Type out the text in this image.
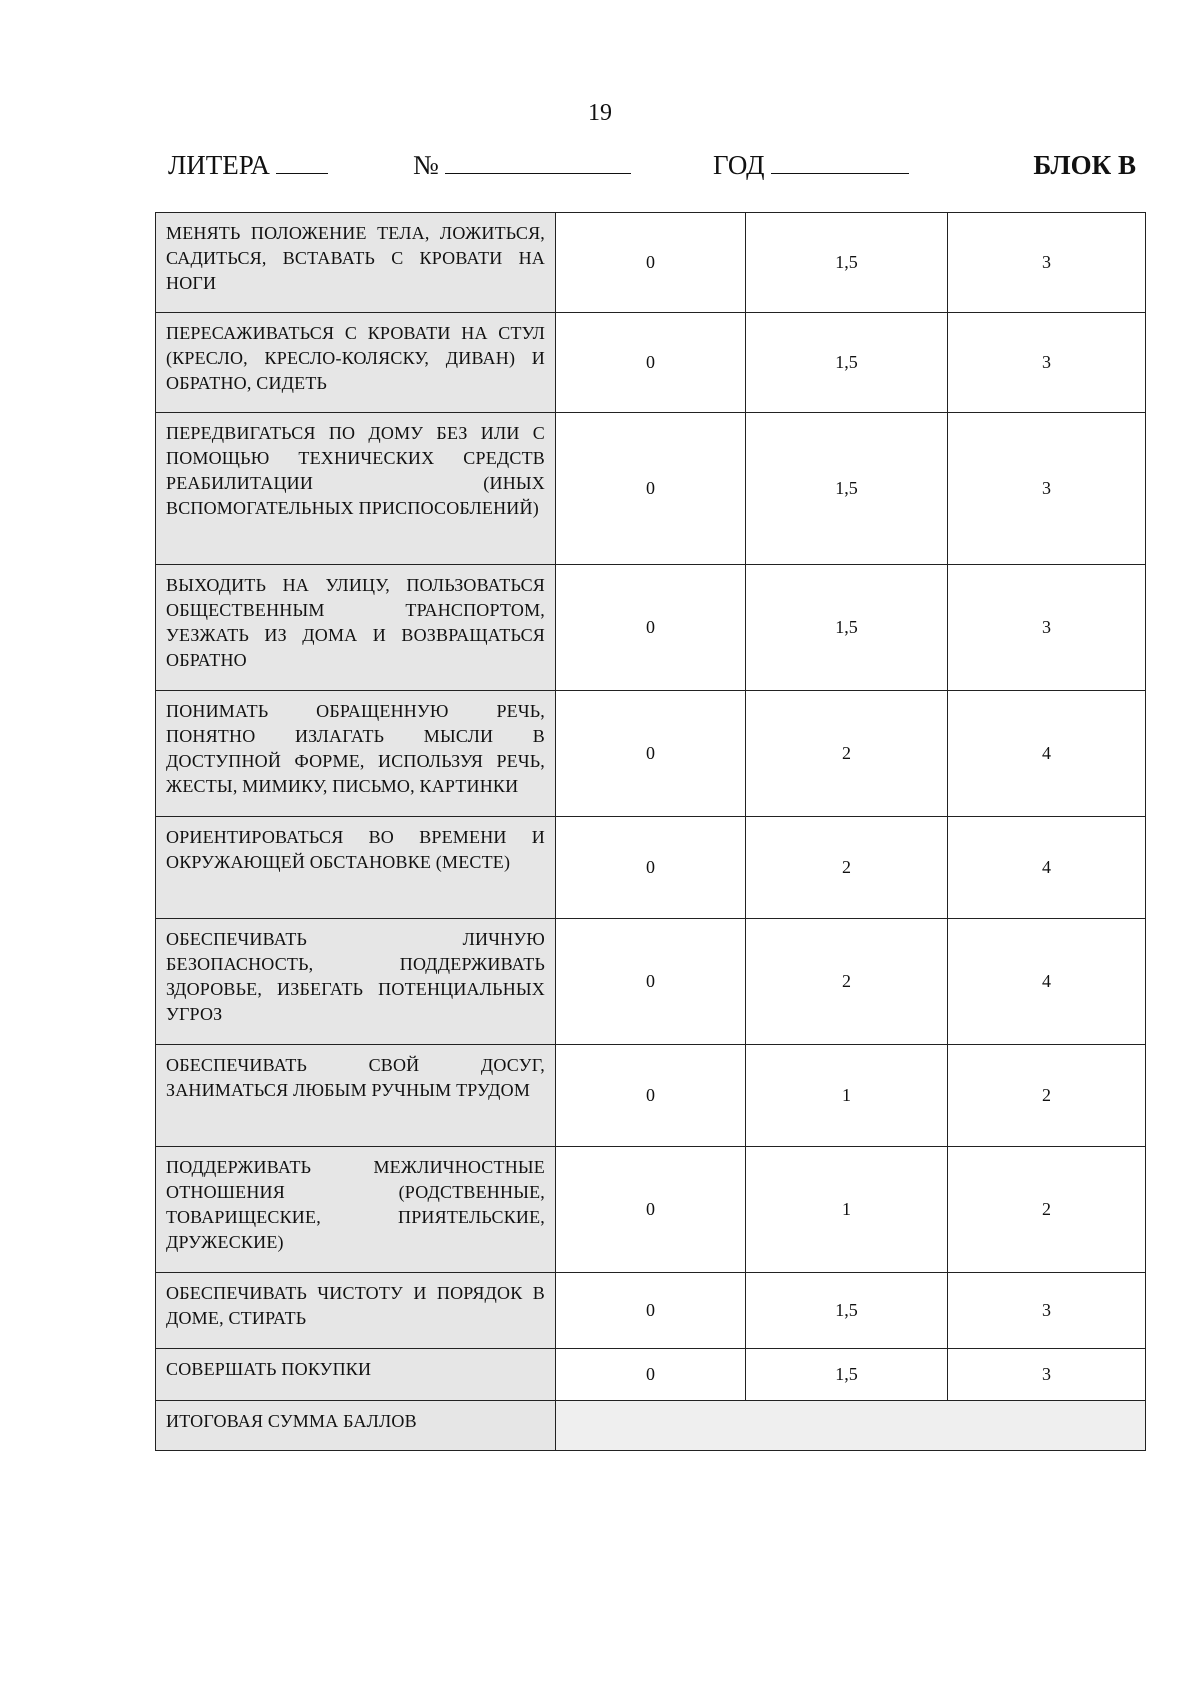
19
ЛИТЕРА	№	ГОД	БЛОК В
МЕНЯТЬ ПОЛОЖЕНИЕ ТЕЛА, ЛОЖИТЬСЯ, САДИТЬСЯ, ВСТАВАТЬ С КРОВАТИ НА НОГИ	0	1,5	3
ПЕРЕСАЖИВАТЬСЯ С КРОВАТИ НА СТУЛ (КРЕСЛО, КРЕСЛО-КОЛЯСКУ, ДИВАН) И ОБРАТНО, СИДЕТЬ	0	1,5	3
ПЕРЕДВИГАТЬСЯ ПО ДОМУ БЕЗ ИЛИ С ПОМОЩЬЮ ТЕХНИЧЕСКИХ СРЕДСТВ РЕАБИЛИТАЦИИ (ИНЫХ ВСПОМОГАТЕЛЬНЫХ ПРИСПОСОБЛЕНИЙ)	0	1,5	3
ВЫХОДИТЬ НА УЛИЦУ, ПОЛЬЗОВАТЬСЯ ОБЩЕСТВЕННЫМ ТРАНСПОРТОМ, УЕЗЖАТЬ ИЗ ДОМА И ВОЗВРАЩАТЬСЯ ОБРАТНО	0	1,5	3
ПОНИМАТЬ ОБРАЩЕННУЮ РЕЧЬ, ПОНЯТНО ИЗЛАГАТЬ МЫСЛИ В ДОСТУПНОЙ ФОРМЕ, ИСПОЛЬЗУЯ РЕЧЬ, ЖЕСТЫ, МИМИКУ, ПИСЬМО, КАРТИНКИ	0	2	4
ОРИЕНТИРОВАТЬСЯ ВО ВРЕМЕНИ И ОКРУЖАЮЩЕЙ ОБСТАНОВКЕ (МЕСТЕ)	0	2	4
ОБЕСПЕЧИВАТЬ ЛИЧНУЮ БЕЗОПАСНОСТЬ, ПОДДЕРЖИВАТЬ ЗДОРОВЬЕ, ИЗБЕГАТЬ ПОТЕНЦИАЛЬНЫХ УГРОЗ	0	2	4
ОБЕСПЕЧИВАТЬ СВОЙ ДОСУГ, ЗАНИМАТЬСЯ ЛЮБЫМ РУЧНЫМ ТРУДОМ	0	1	2
ПОДДЕРЖИВАТЬ МЕЖЛИЧНОСТНЫЕ ОТНОШЕНИЯ (РОДСТВЕННЫЕ, ТОВАРИЩЕСКИЕ, ПРИЯТЕЛЬСКИЕ, ДРУЖЕСКИЕ)	0	1	2
ОБЕСПЕЧИВАТЬ ЧИСТОТУ И ПОРЯДОК В ДОМЕ, СТИРАТЬ	0	1,5	3
СОВЕРШАТЬ ПОКУПКИ	0	1,5	3
ИТОГОВАЯ СУММА БАЛЛОВ			
